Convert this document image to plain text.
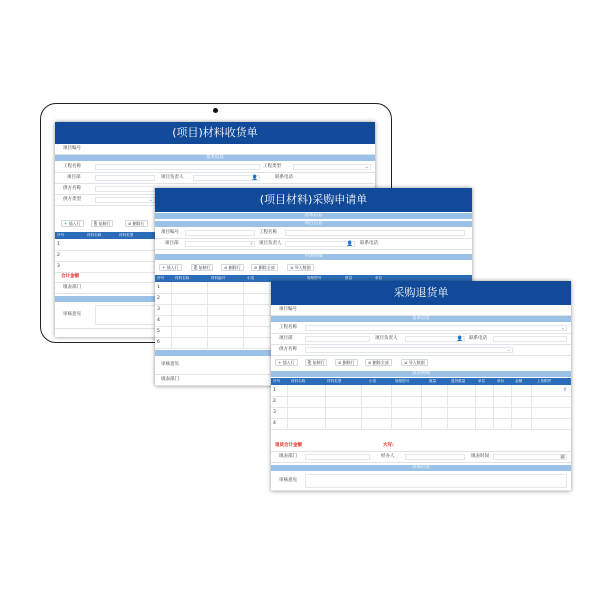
(项目)材料收货单
项目编号
基本信息
工程名称	工程类型	⌄
项目部	项目负责人	👤	联系电话
供方名称
供方类型	⌄
+ 插入行	⎘ 复制行	⊘ 删除行
序号	材料名称	材料类型
1
2
3
合计金额
填表部门
审核意见
(项目材料)采购申请单
基本信息
项目信息
项目编号	工程名称
项目部	⌕ 项目负责人	👤 联系电话
申请明细
+ 插入行	⎘ 复制行	⊘ 删除行	⊘ 删除全部	⇲ 导入数据
序号	材料名称	材料编号	小类	规格型号	数量	单位
1
2
3
4
5
6
审核意见
填表部门
采购退货单
项目编号
基本信息
工程名称	⌄
项目部	项目负责人	👤 联系电话
供方名称	⌄
+ 插入行	⎘ 复制行	⊘ 删除行	⊘ 删除全部	⇲ 导入数据
退货明细
序号	材料名称	材料类型	小类	规格型号	数量	退货数量	单位	单价	金额	上传附件
1	⇪
2
3
4
退货合计金额	大写:
填表部门	经办人	填表时间	▦
审核信息
审核意见
